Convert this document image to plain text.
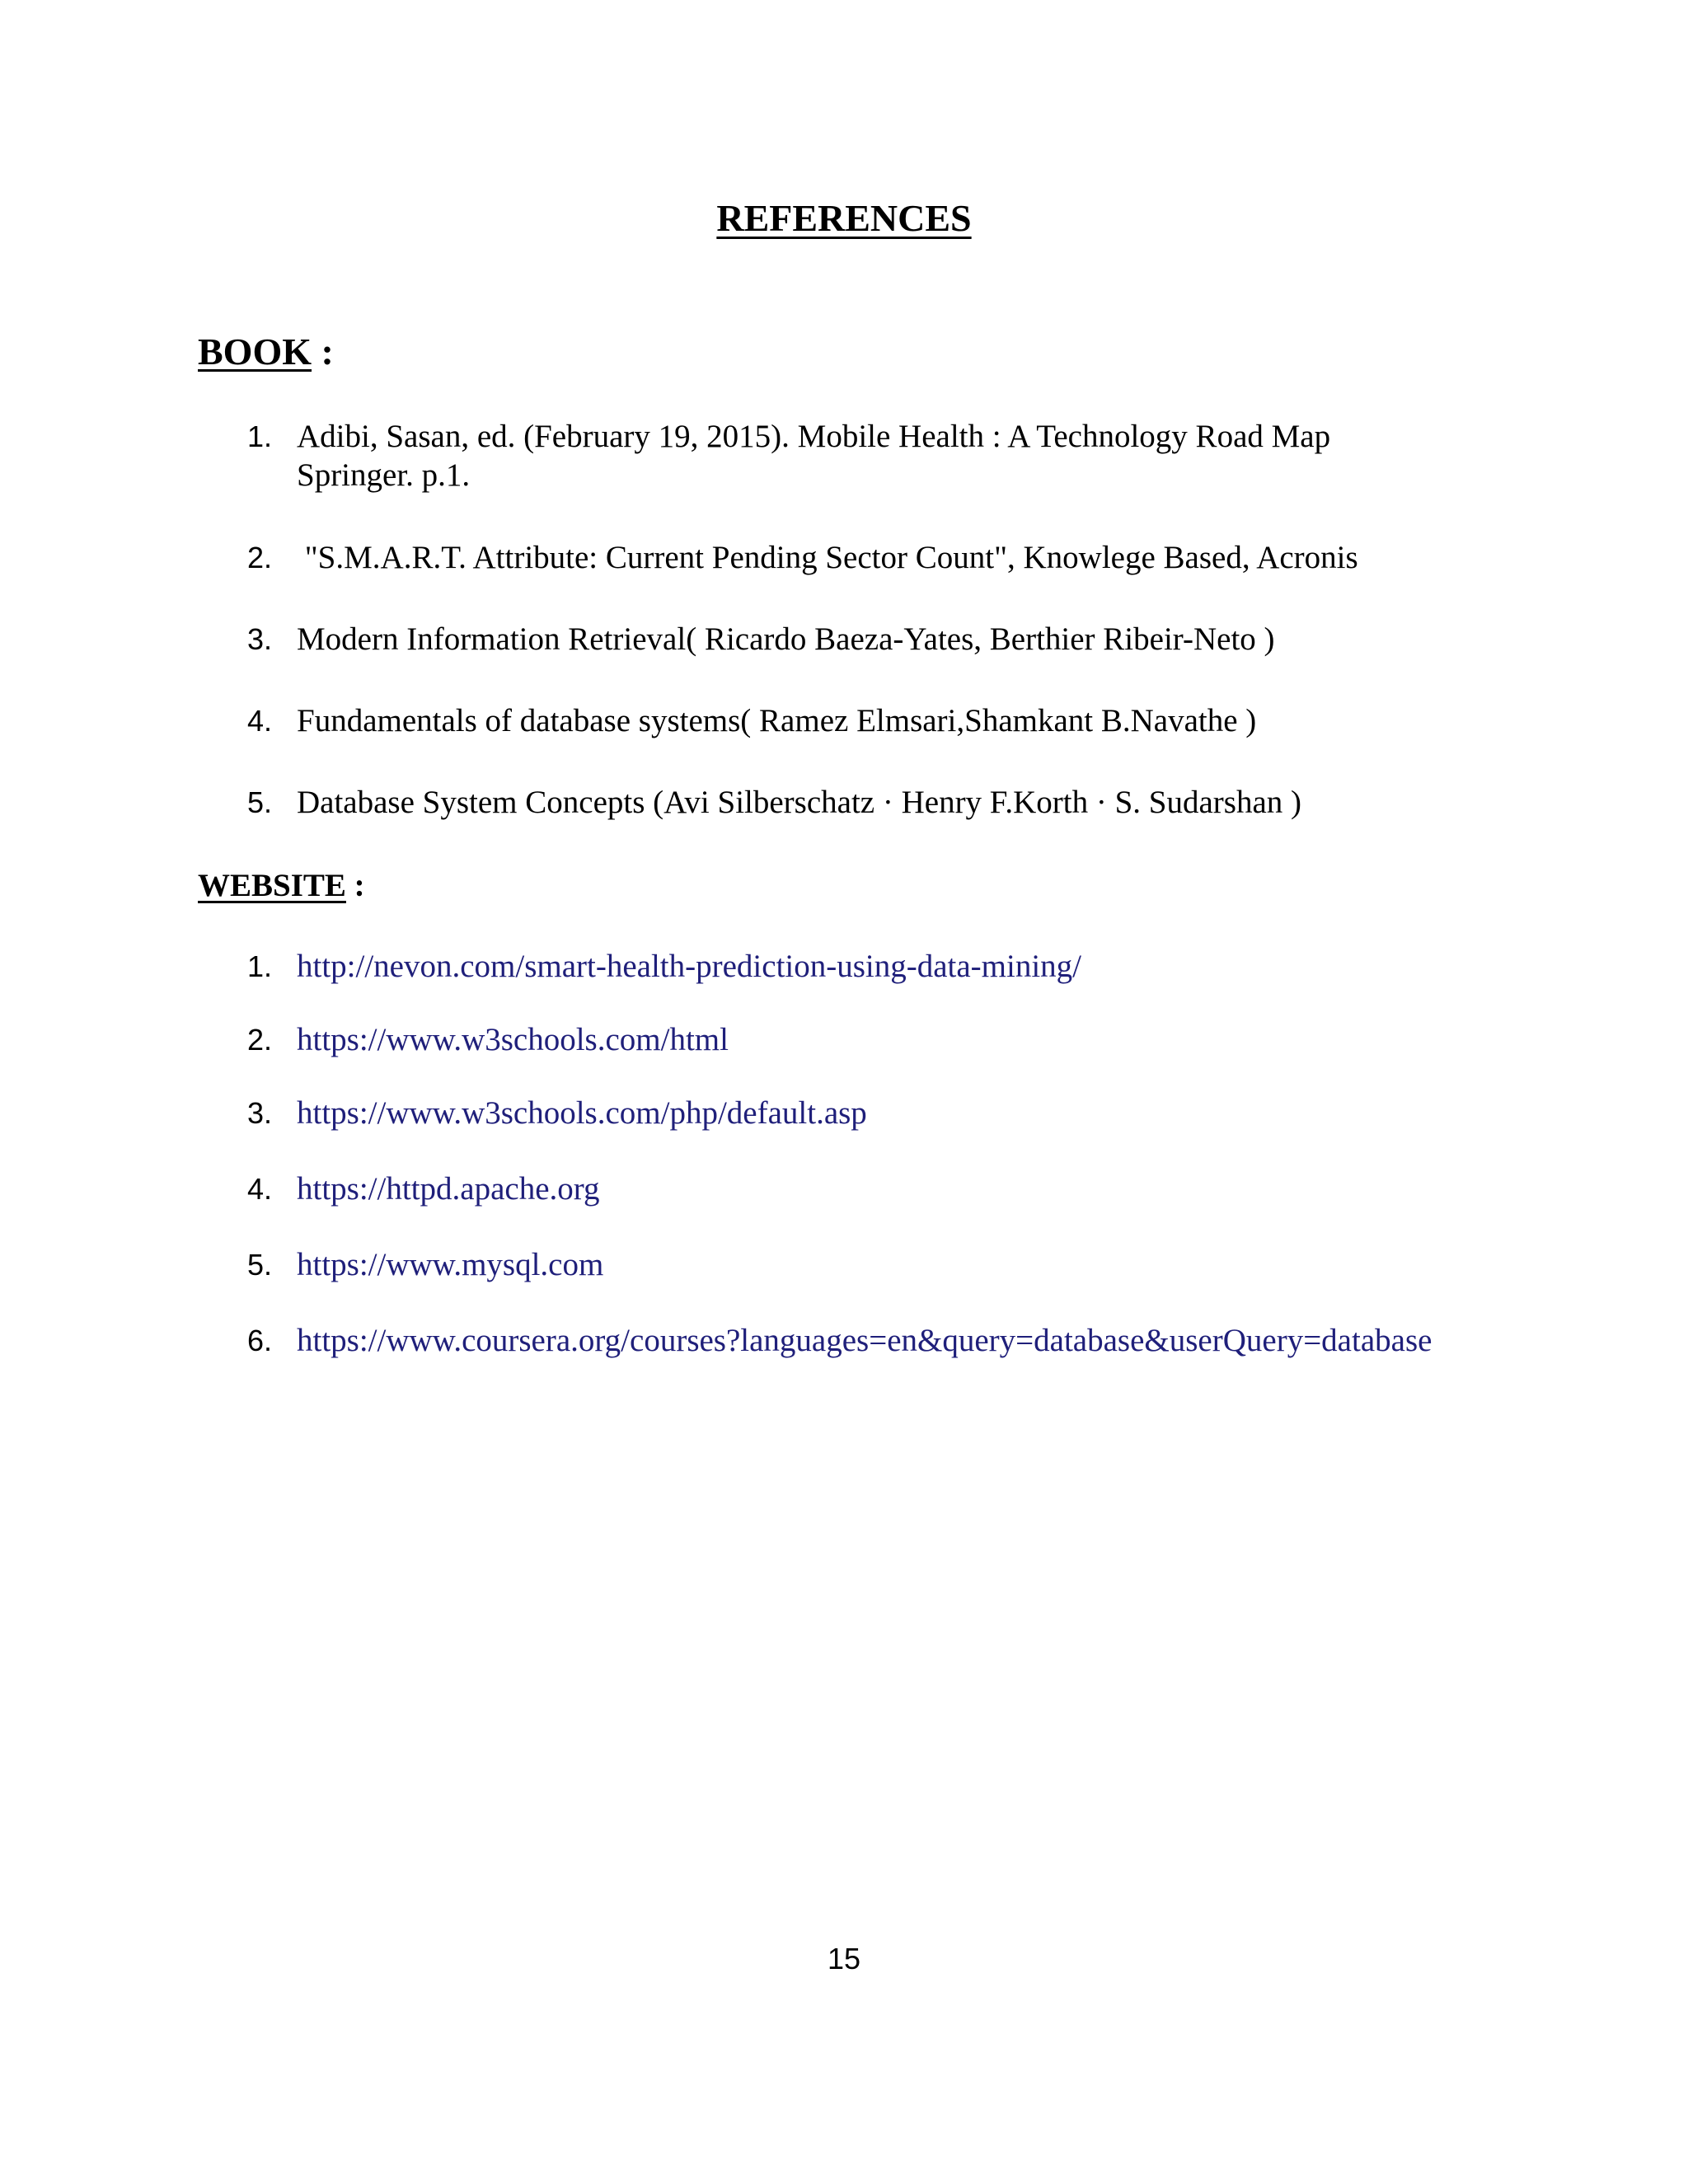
REFERENCES
BOOK :
1. Adibi, Sasan, ed. (February 19, 2015). Mobile Health : A Technology Road Map
Springer. p.1.
2. "S.M.A.R.T. Attribute: Current Pending Sector Count", Knowlege Based, Acronis
3. Modern Information Retrieval( Ricardo Baeza-Yates, Berthier Ribeir-Neto )
4. Fundamentals of database systems( Ramez Elmsari,Shamkant B.Navathe )
5. Database System Concepts (Avi Silberschatz · Henry F.Korth · S. Sudarshan )
WEBSITE :
1. http://nevon.com/smart-health-prediction-using-data-mining/
2. https://www.w3schools.com/html
3. https://www.w3schools.com/php/default.asp
4. https://httpd.apache.org
5. https://www.mysql.com
6. https://www.coursera.org/courses?languages=en&query=database&userQuery=database
15
